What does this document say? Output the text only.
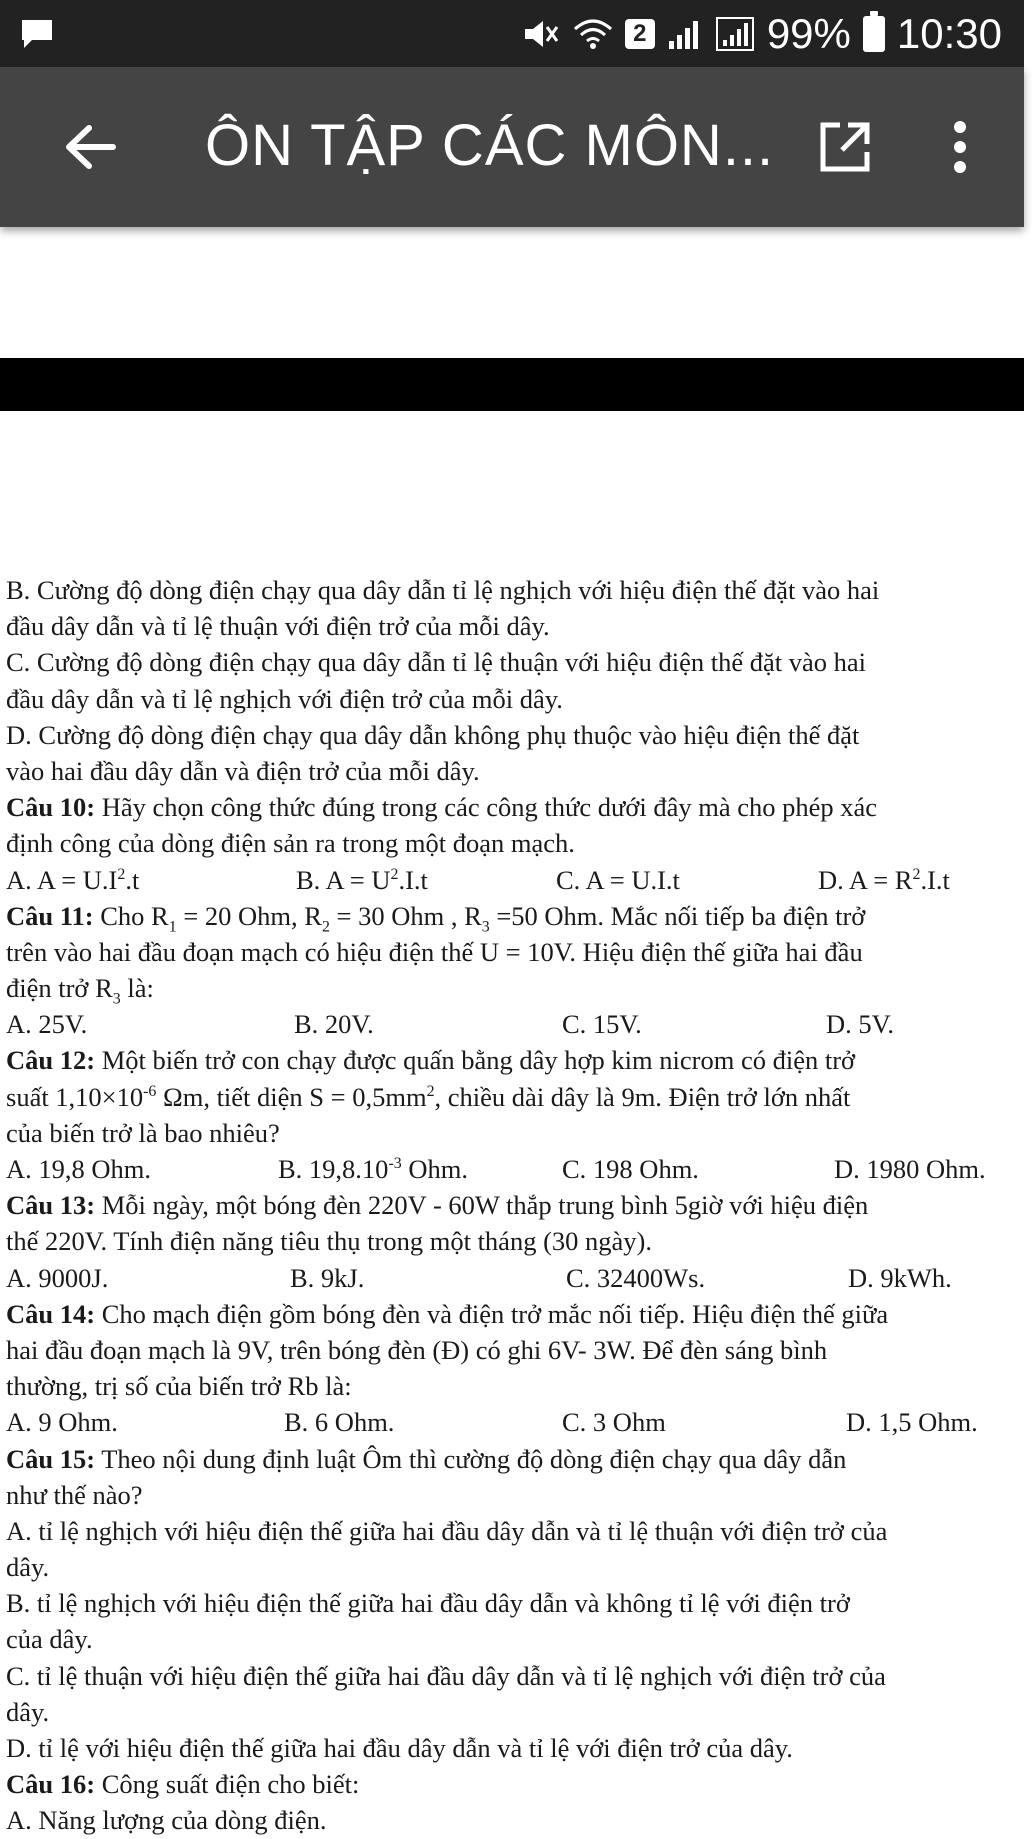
2	99% 10:30
ÔN TẬP CÁC MÔN...
B. Cường độ dòng điện chạy qua dây dẫn tỉ lệ nghịch với hiệu điện thế đặt vào hai
đầu dây dẫn và tỉ lệ thuận với điện trở của mỗi dây.
C. Cường độ dòng điện chạy qua dây dẫn tỉ lệ thuận với hiệu điện thế đặt vào hai
đầu dây dẫn và tỉ lệ nghịch với điện trở của mỗi dây.
D. Cường độ dòng điện chạy qua dây dẫn không phụ thuộc vào hiệu điện thế đặt
vào hai đầu dây dẫn và điện trở của mỗi dây.
Câu 10: Hãy chọn công thức đúng trong các công thức dưới đây mà cho phép xác
định công của dòng điện sản ra trong một đoạn mạch.
A. $A = U.I^2.t$	B. $A = U^2.I.t$	C. A = U.I.t	D. $A = R^2.I.t$
Câu 11: Cho $R_1 = 20$ Ohm, $R_2 = 30$ Ohm , $R_3 =50$ Ohm. Mắc nối tiếp ba điện trở
trên vào hai đầu đoạn mạch có hiệu điện thế U = 10V. Hiệu điện thế giữa hai đầu
điện trở $R_3$ là:
A. 25V.	B. 20V.	C. 15V.	D. 5V.
Câu 12: Một biến trở con chạy được quấn bằng dây hợp kim nicrom có điện trở
suất $1,10\times 10^{-6}$ Ωm, tiết diện $S = 0,5mm^2$, chiều dài dây là 9m. Điện trở lớn nhất
của biến trở là bao nhiêu?
A. 19,8 Ohm.	B. $19,8.10^{-3}$ Ohm.	C. 198 Ohm.	D. 1980 Ohm.
Câu 13: Mỗi ngày, một bóng đèn 220V - 60W thắp trung bình 5giờ với hiệu điện
thế 220V. Tính điện năng tiêu thụ trong một tháng (30 ngày).
A. 9000J.	B. 9kJ.	C. 32400Ws.	D. 9kWh.
Câu 14: Cho mạch điện gồm bóng đèn và điện trở mắc nối tiếp. Hiệu điện thế giữa
hai đầu đoạn mạch là 9V, trên bóng đèn (Đ) có ghi 6V- 3W. Để đèn sáng bình
thường, trị số của biến trở Rb là:
A. 9 Ohm.	B. 6 Ohm.	C. 3 Ohm	D. 1,5 Ohm.
Câu 15: Theo nội dung định luật Ôm thì cường độ dòng điện chạy qua dây dẫn
như thế nào?
A. tỉ lệ nghịch với hiệu điện thế giữa hai đầu dây dẫn và tỉ lệ thuận với điện trở của
dây.
B. tỉ lệ nghịch với hiệu điện thế giữa hai đầu dây dẫn và không tỉ lệ với điện trở
của dây.
C. tỉ lệ thuận với hiệu điện thế giữa hai đầu dây dẫn và tỉ lệ nghịch với điện trở của
dây.
D. tỉ lệ với hiệu điện thế giữa hai đầu dây dẫn và tỉ lệ với điện trở của dây.
Câu 16: Công suất điện cho biết:
A. Năng lượng của dòng điện.
